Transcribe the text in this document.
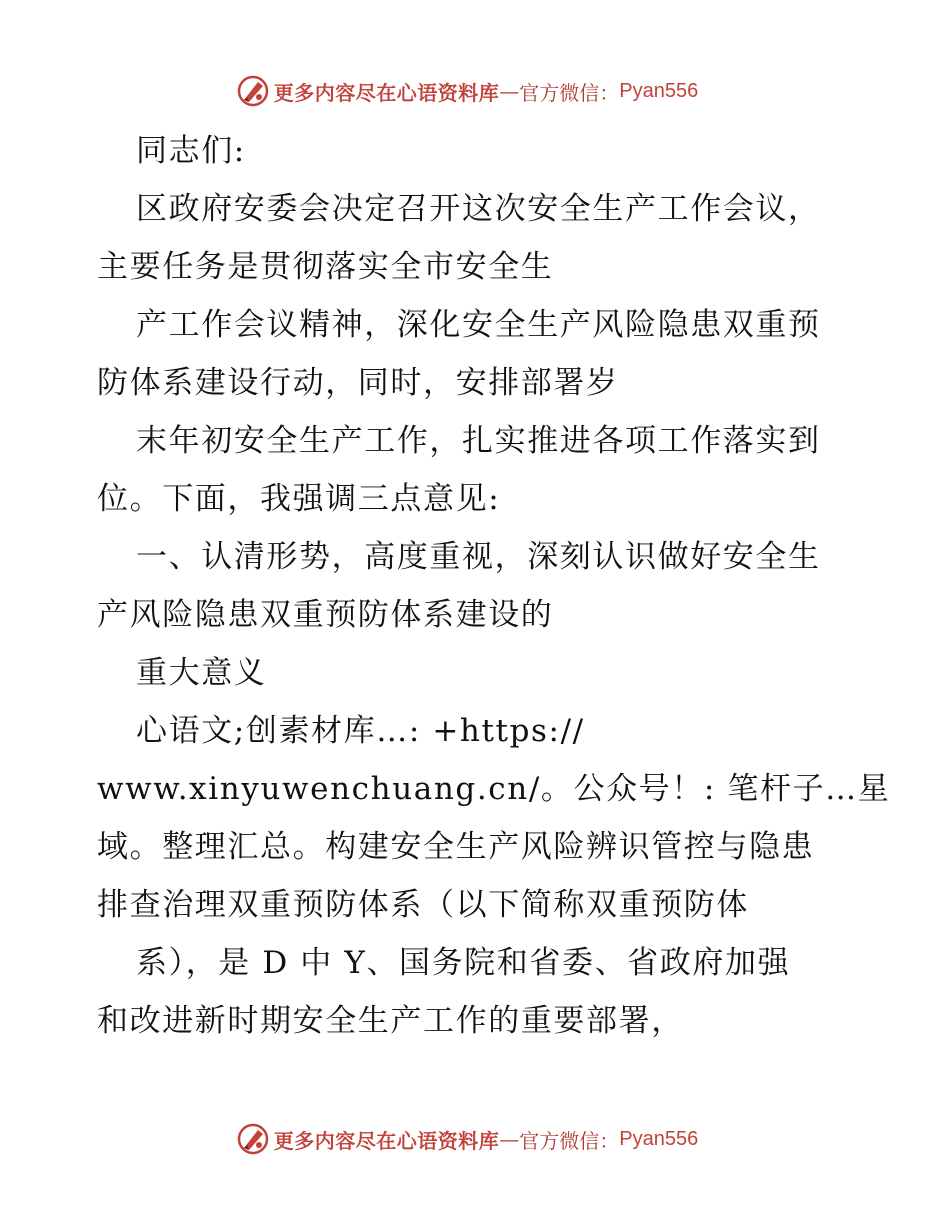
更多内容尽在心语资料库 — 官方微信： Pyan556
同志们:
区政府安委会决定召开这次安全生产工作会议，
主要任务是贯彻落实全市安全生
产工作会议精神，深化安全生产风险隐患双重预
防体系建设行动，同时，安排部署岁
末年初安全生产工作，扎实推进各项工作落实到
位。下面，我强调三点意见:
一、认清形势，高度重视，深刻认识做好安全生
产风险隐患双重预防体系建设的
重大意义
心语文;创素材库…: +https://
www.xinyuwenchuang.cn/。公众号！: 笔杆子…星
域。整理汇总。构建安全生产风险辨识管控与隐患
排查治理双重预防体系（以下简称双重预防体
系），是 D 中 Y、国务院和省委、省政府加强
和改进新时期安全生产工作的重要部署，
更多内容尽在心语资料库 — 官方微信： Pyan556
